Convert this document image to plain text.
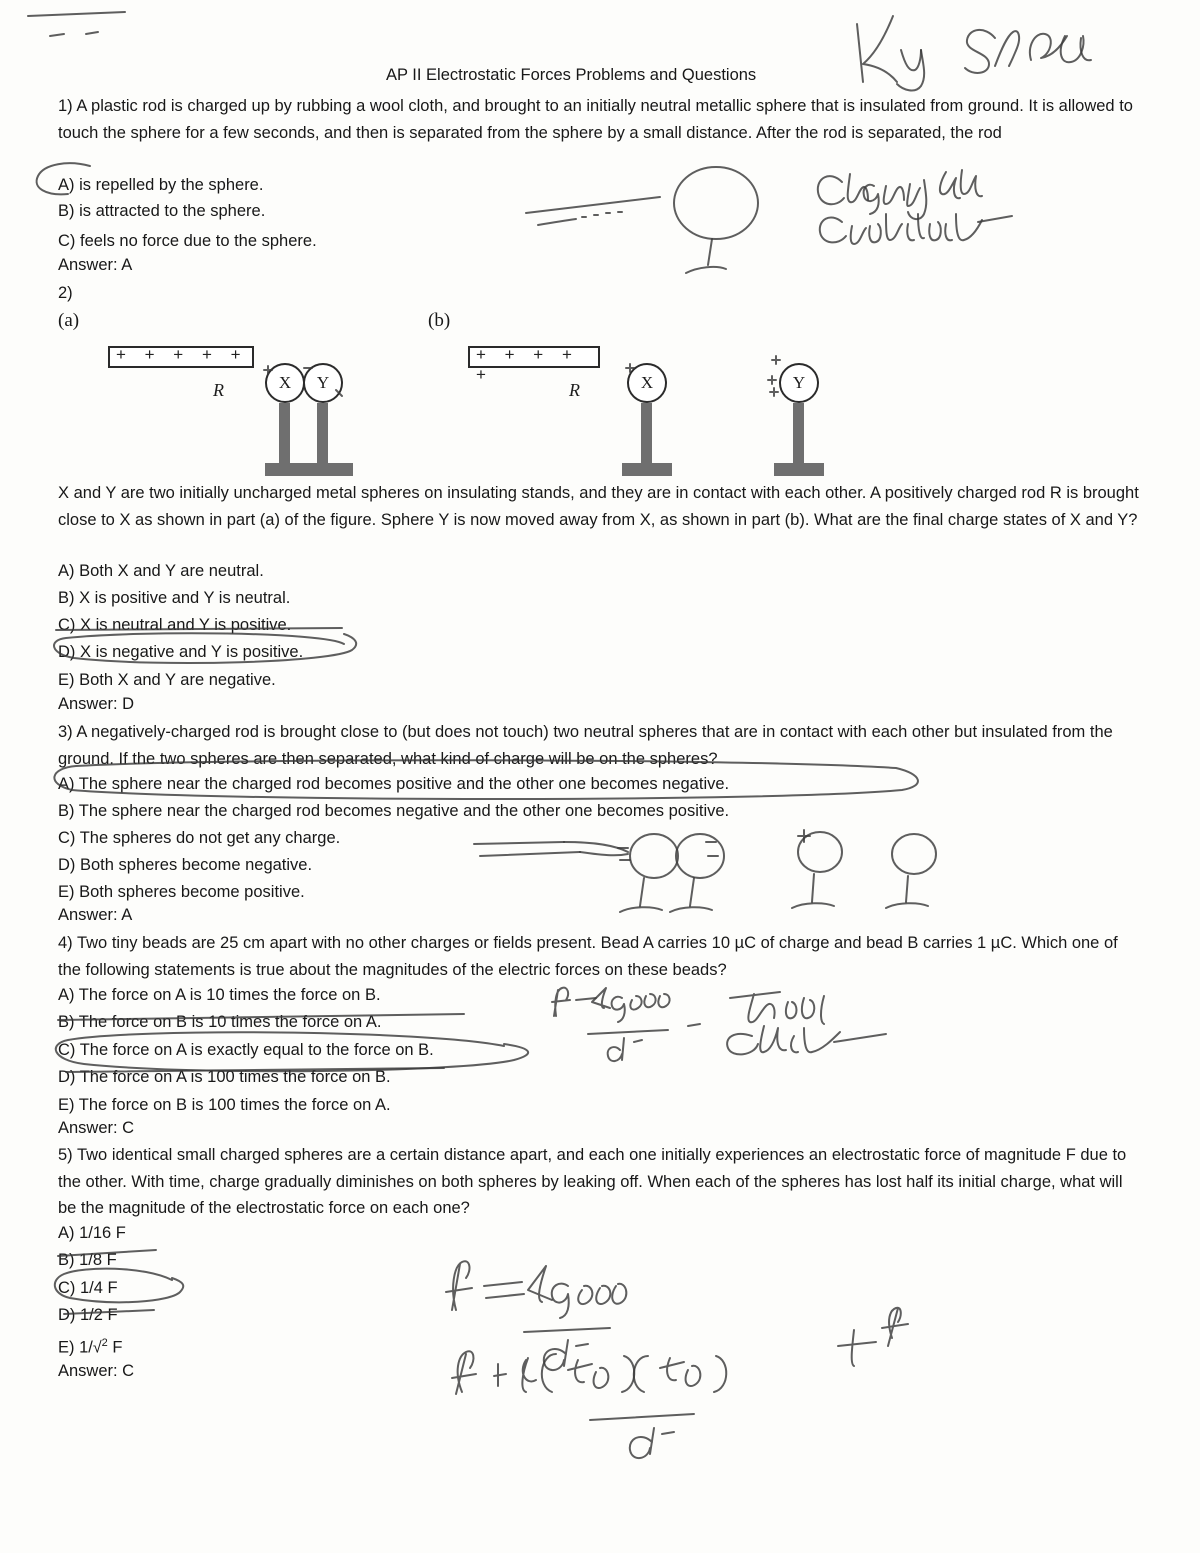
AP II Electrostatic Forces Problems and Questions
1) A plastic rod is charged up by rubbing a wool cloth, and brought to an initially neutral metallic sphere that is insulated from ground. It is allowed to touch the sphere for a few seconds, and then is separated from the sphere by a small distance. After the rod is separated, the rod
A) is repelled by the sphere.
B) is attracted to the sphere.
C) feels no force due to the sphere.
Answer: A
2)
(a)	(b)
+ + + + +
R	X	Y
+ + + + +
R	X	Y
X and Y are two initially uncharged metal spheres on insulating stands, and they are in contact with each other. A positively charged rod R is brought close to X as shown in part (a) of the figure. Sphere Y is now moved away from X, as shown in part (b). What are the final charge states of X and Y?
A) Both X and Y are neutral.
B) X is positive and Y is neutral.
C) X is neutral and Y is positive.
D) X is negative and Y is positive.
E) Both X and Y are negative.
Answer: D
3) A negatively-charged rod is brought close to (but does not touch) two neutral spheres that are in contact with each other but insulated from the ground. If the two spheres are then separated, what kind of charge will be on the spheres?
A) The sphere near the charged rod becomes positive and the other one becomes negative.
B) The sphere near the charged rod becomes negative and the other one becomes positive.
C) The spheres do not get any charge.
D) Both spheres become negative.
E) Both spheres become positive.
Answer: A
4) Two tiny beads are 25 cm apart with no other charges or fields present. Bead A carries 10 µC of charge and bead B carries 1 µC. Which one of the following statements is true about the magnitudes of the electric forces on these beads?
A) The force on A is 10 times the force on B.
B) The force on B is 10 times the force on A.
C) The force on A is exactly equal to the force on B.
D) The force on A is 100 times the force on B.
E) The force on B is 100 times the force on A.
Answer: C
5) Two identical small charged spheres are a certain distance apart, and each one initially experiences an electrostatic force of magnitude F due to the other. With time, charge gradually diminishes on both spheres by leaking off. When each of the spheres has lost half its initial charge, what will be the magnitude of the electrostatic force on each one?
A) 1/16 F
B) 1/8 F
C) 1/4 F
D) 1/2 F
E) 1/√$^2$ F
Answer: C
